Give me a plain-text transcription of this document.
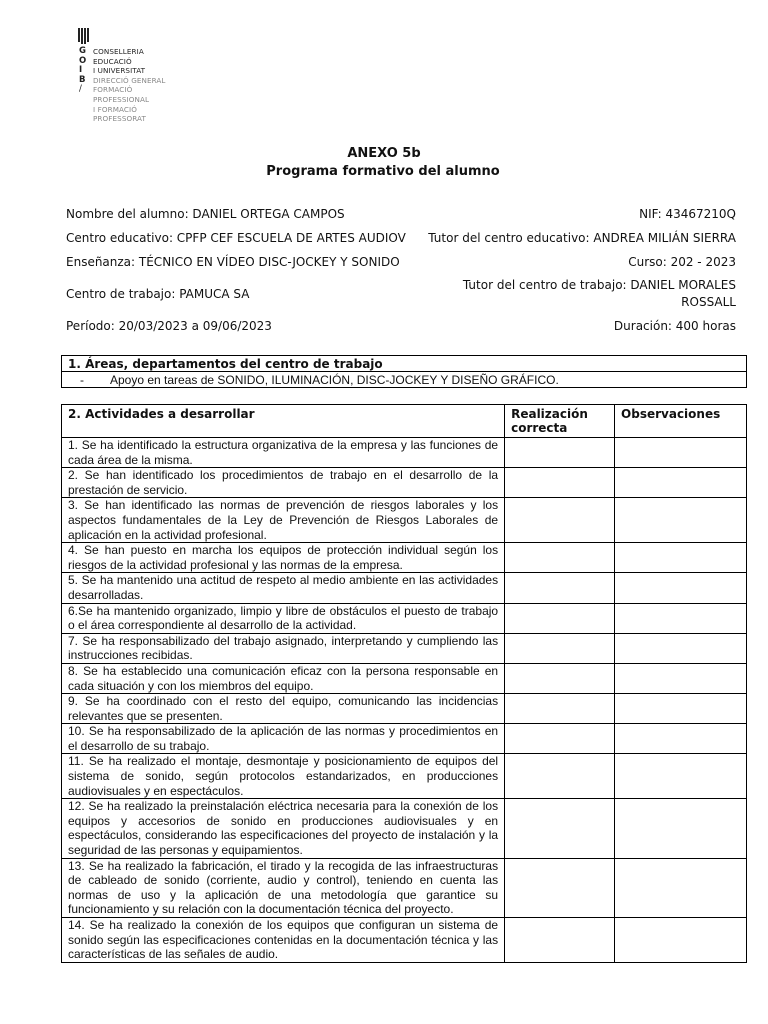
G
O
I
B
/
CONSELLERIA
EDUCACIÓ
I UNIVERSITAT
DIRECCIÓ GENERAL
FORMACIÓ
PROFESSIONAL
I FORMACIÓ
PROFESSORAT
ANEXO 5b
Programa formativo del alumno
Nombre del alumno: DANIEL ORTEGA CAMPOS	NIF: 43467210Q
Centro educativo: CPFP CEF ESCUELA DE ARTES AUDIOV Tutor del centro educativo: ANDREA MILIÁN SIERRA
Enseñanza: TÉCNICO EN VÍDEO DISC-JOCKEY Y SONIDO	Curso: 202 - 2023
Centro de trabajo: PAMUCA SA
Tutor del centro de trabajo: DANIEL MORALES
ROSSALL
Período: 20/03/2023 a 09/06/2023	Duración: 400 horas
1. Áreas, departamentos del centro de trabajo
- Apoyo en tareas de SONIDO, ILUMINACIÓN, DISC-JOCKEY Y DISEÑO GRÁFICO.
2. Actividades a desarrollar	Realización correcta	Observaciones
1. Se ha identificado la estructura organizativa de la empresa y las funciones de cada área de la misma.		
2. Se han identificado los procedimientos de trabajo en el desarrollo de la prestación de servicio.		
3. Se han identificado las normas de prevención de riesgos laborales y los aspectos fundamentales de la Ley de Prevención de Riesgos Laborales de aplicación en la actividad profesional.		
4. Se han puesto en marcha los equipos de protección individual según los riesgos de la actividad profesional y las normas de la empresa.		
5. Se ha mantenido una actitud de respeto al medio ambiente en las actividades desarrolladas.		
6.Se ha mantenido organizado, limpio y libre de obstáculos el puesto de trabajo o el área correspondiente al desarrollo de la actividad.		
7. Se ha responsabilizado del trabajo asignado, interpretando y cumpliendo las instrucciones recibidas.		
8. Se ha establecido una comunicación eficaz con la persona responsable en cada situación y con los miembros del equipo.		
9. Se ha coordinado con el resto del equipo, comunicando las incidencias relevantes que se presenten.		
10. Se ha responsabilizado de la aplicación de las normas y procedimientos en el desarrollo de su trabajo.		
11. Se ha realizado el montaje, desmontaje y posicionamiento de equipos del sistema de sonido, según protocolos estandarizados, en producciones audiovisuales y en espectáculos.		
12. Se ha realizado la preinstalación eléctrica necesaria para la conexión de los equipos y accesorios de sonido en producciones audiovisuales y en espectáculos, considerando las especificaciones del proyecto de instalación y la seguridad de las personas y equipamientos.		
13. Se ha realizado la fabricación, el tirado y la recogida de las infraestructuras de cableado de sonido (corriente, audio y control), teniendo en cuenta las normas de uso y la aplicación de una metodología que garantice su funcionamiento y su relación con la documentación técnica del proyecto.		
14. Se ha realizado la conexión de los equipos que configuran un sistema de sonido según las especificaciones contenidas en la documentación técnica y las características de las señales de audio.		
